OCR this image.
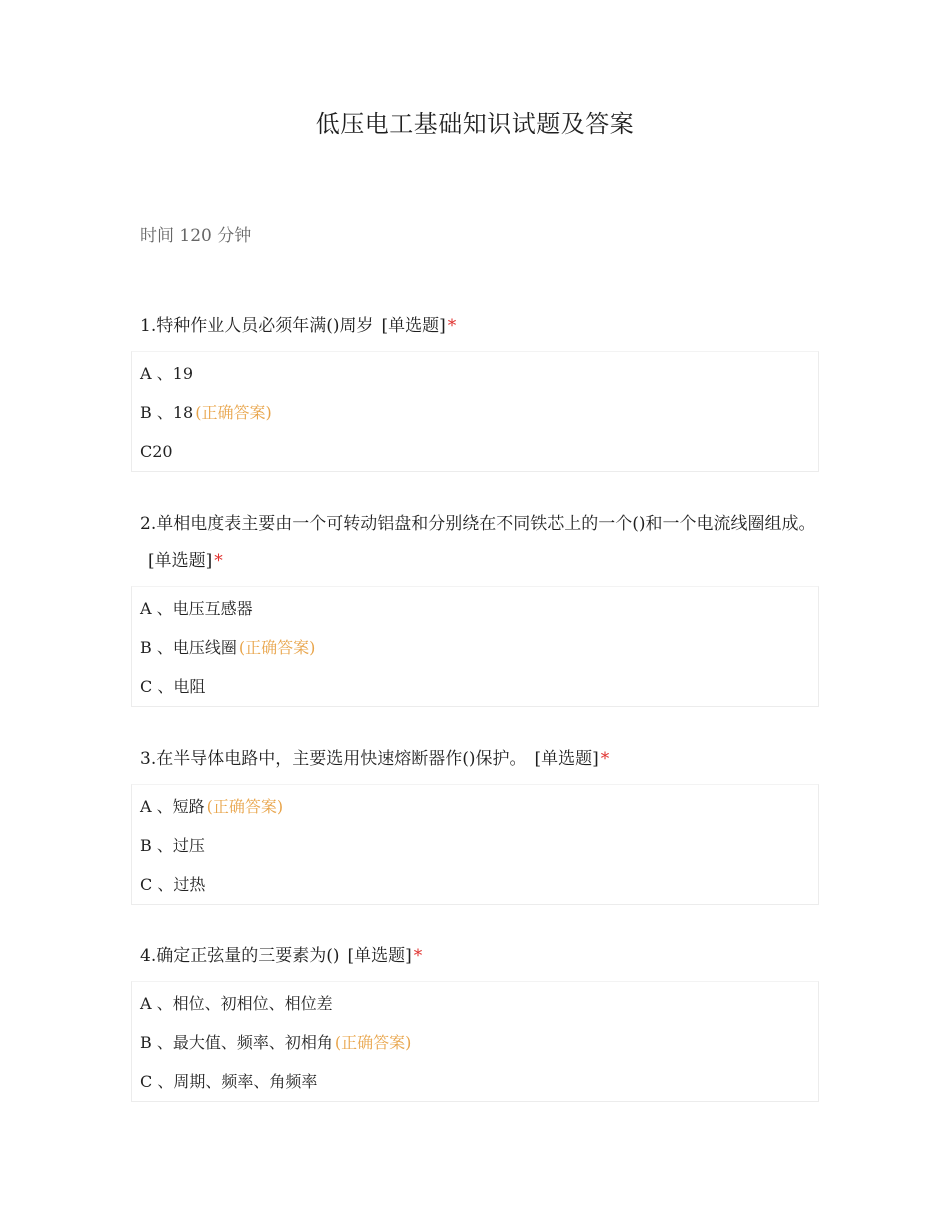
低压电工基础知识试题及答案
时间 120 分钟
1.特种作业人员必须年满()周岁 [单选题] *
A 、19
B 、18 (正确答案)
C20
2.单相电度表主要由一个可转动铝盘和分别绕在不同铁芯上的一个()和一个电流线圈组成。[单选题] *
A 、电压互感器
B 、电压线圈 (正确答案)
C 、电阻
3.在半导体电路中，主要选用快速熔断器作()保护。 [单选题] *
A 、短路 (正确答案)
B 、过压
C 、过热
4.确定正弦量的三要素为() [单选题] *
A 、相位、初相位、相位差
B 、最大值、频率、初相角 (正确答案)
C 、周期、频率、角频率
